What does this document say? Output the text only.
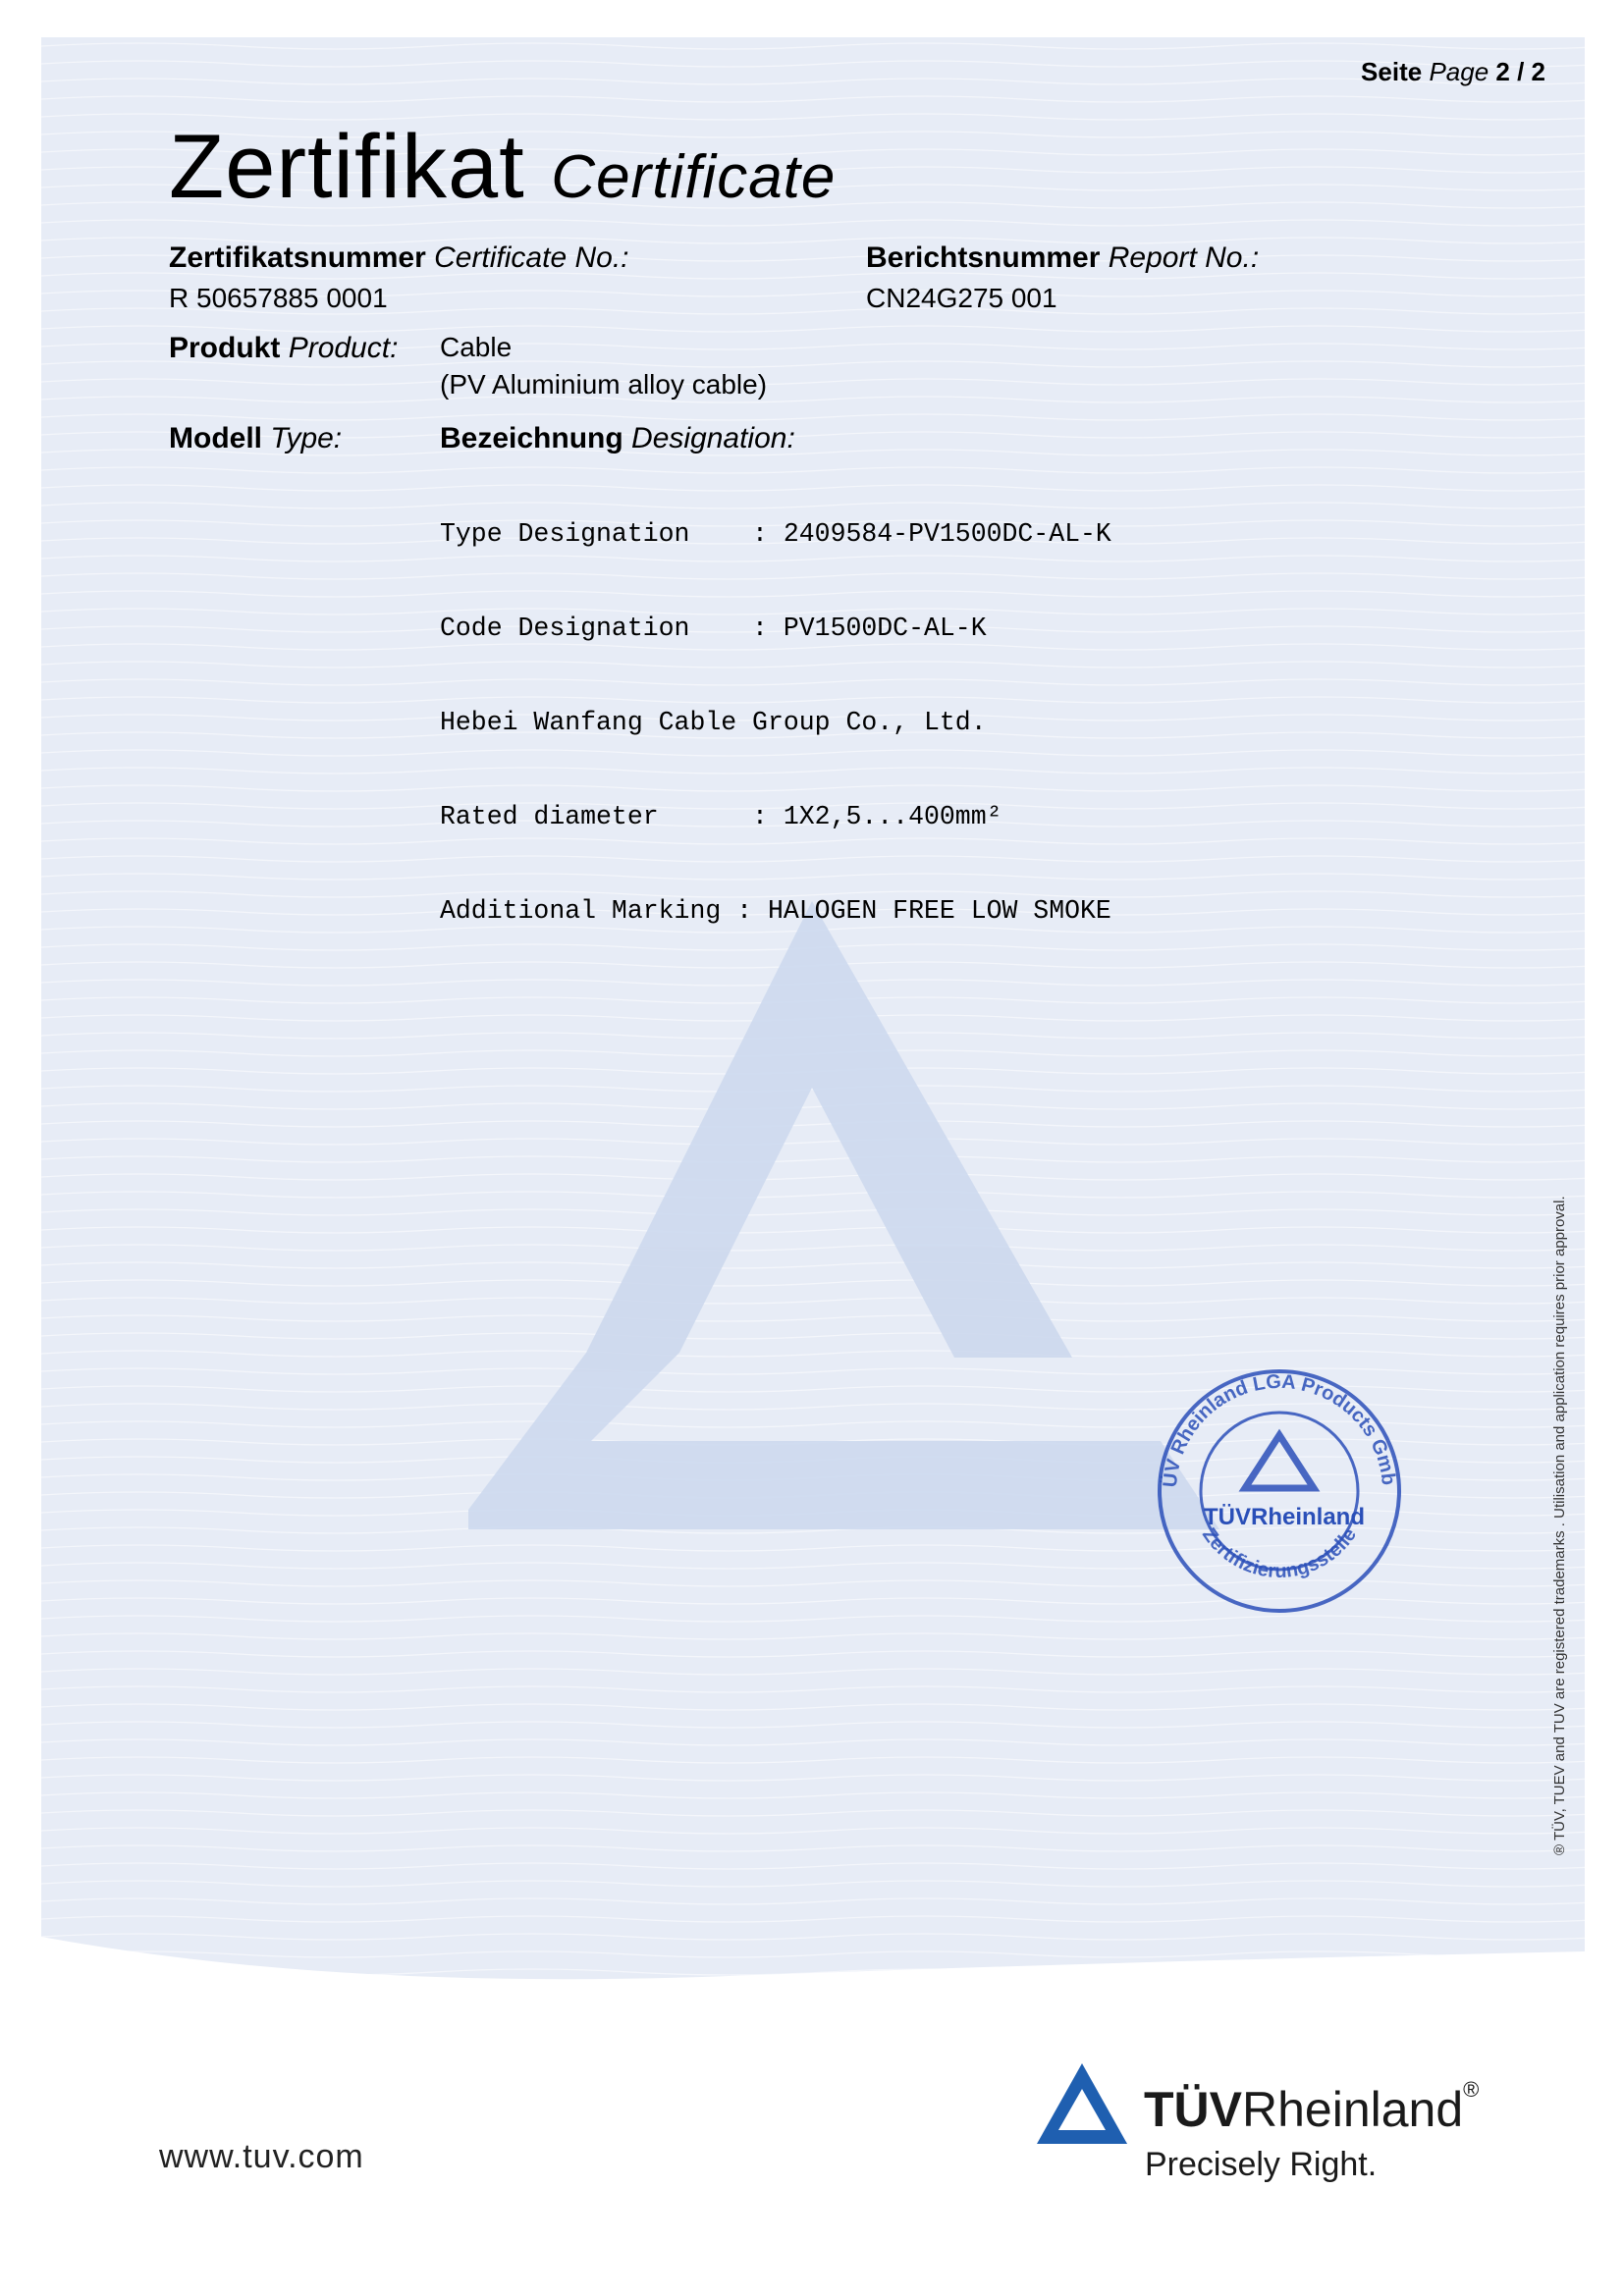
Seite Page 2 / 2
Zertifikat Certificate
Zertifikatsnummer Certificate No.:
R 50657885 0001
Berichtsnummer Report No.:
CN24G275 001
Produkt Product: Cable
(PV Aluminium alloy cable)
Modell Type:	Bezeichnung Designation:

Type Designation    : 2409584-PV1500DC-AL-K

Code Designation    : PV1500DC-AL-K

Hebei Wanfang Cable Group Co., Ltd.

Rated diameter      : 1X2,5...400mm²

Additional Marking : HALOGEN FREE LOW SMOKE

ÜV Rheinland LGA Products Gmb
Zertifizierungsstelle
TÜVRheinland	® TÜV, TUEV and TUV are registered trademarks . Utilisation and application requires prior approval.
www.tuv.com
TÜVRheinland®
Precisely Right.
